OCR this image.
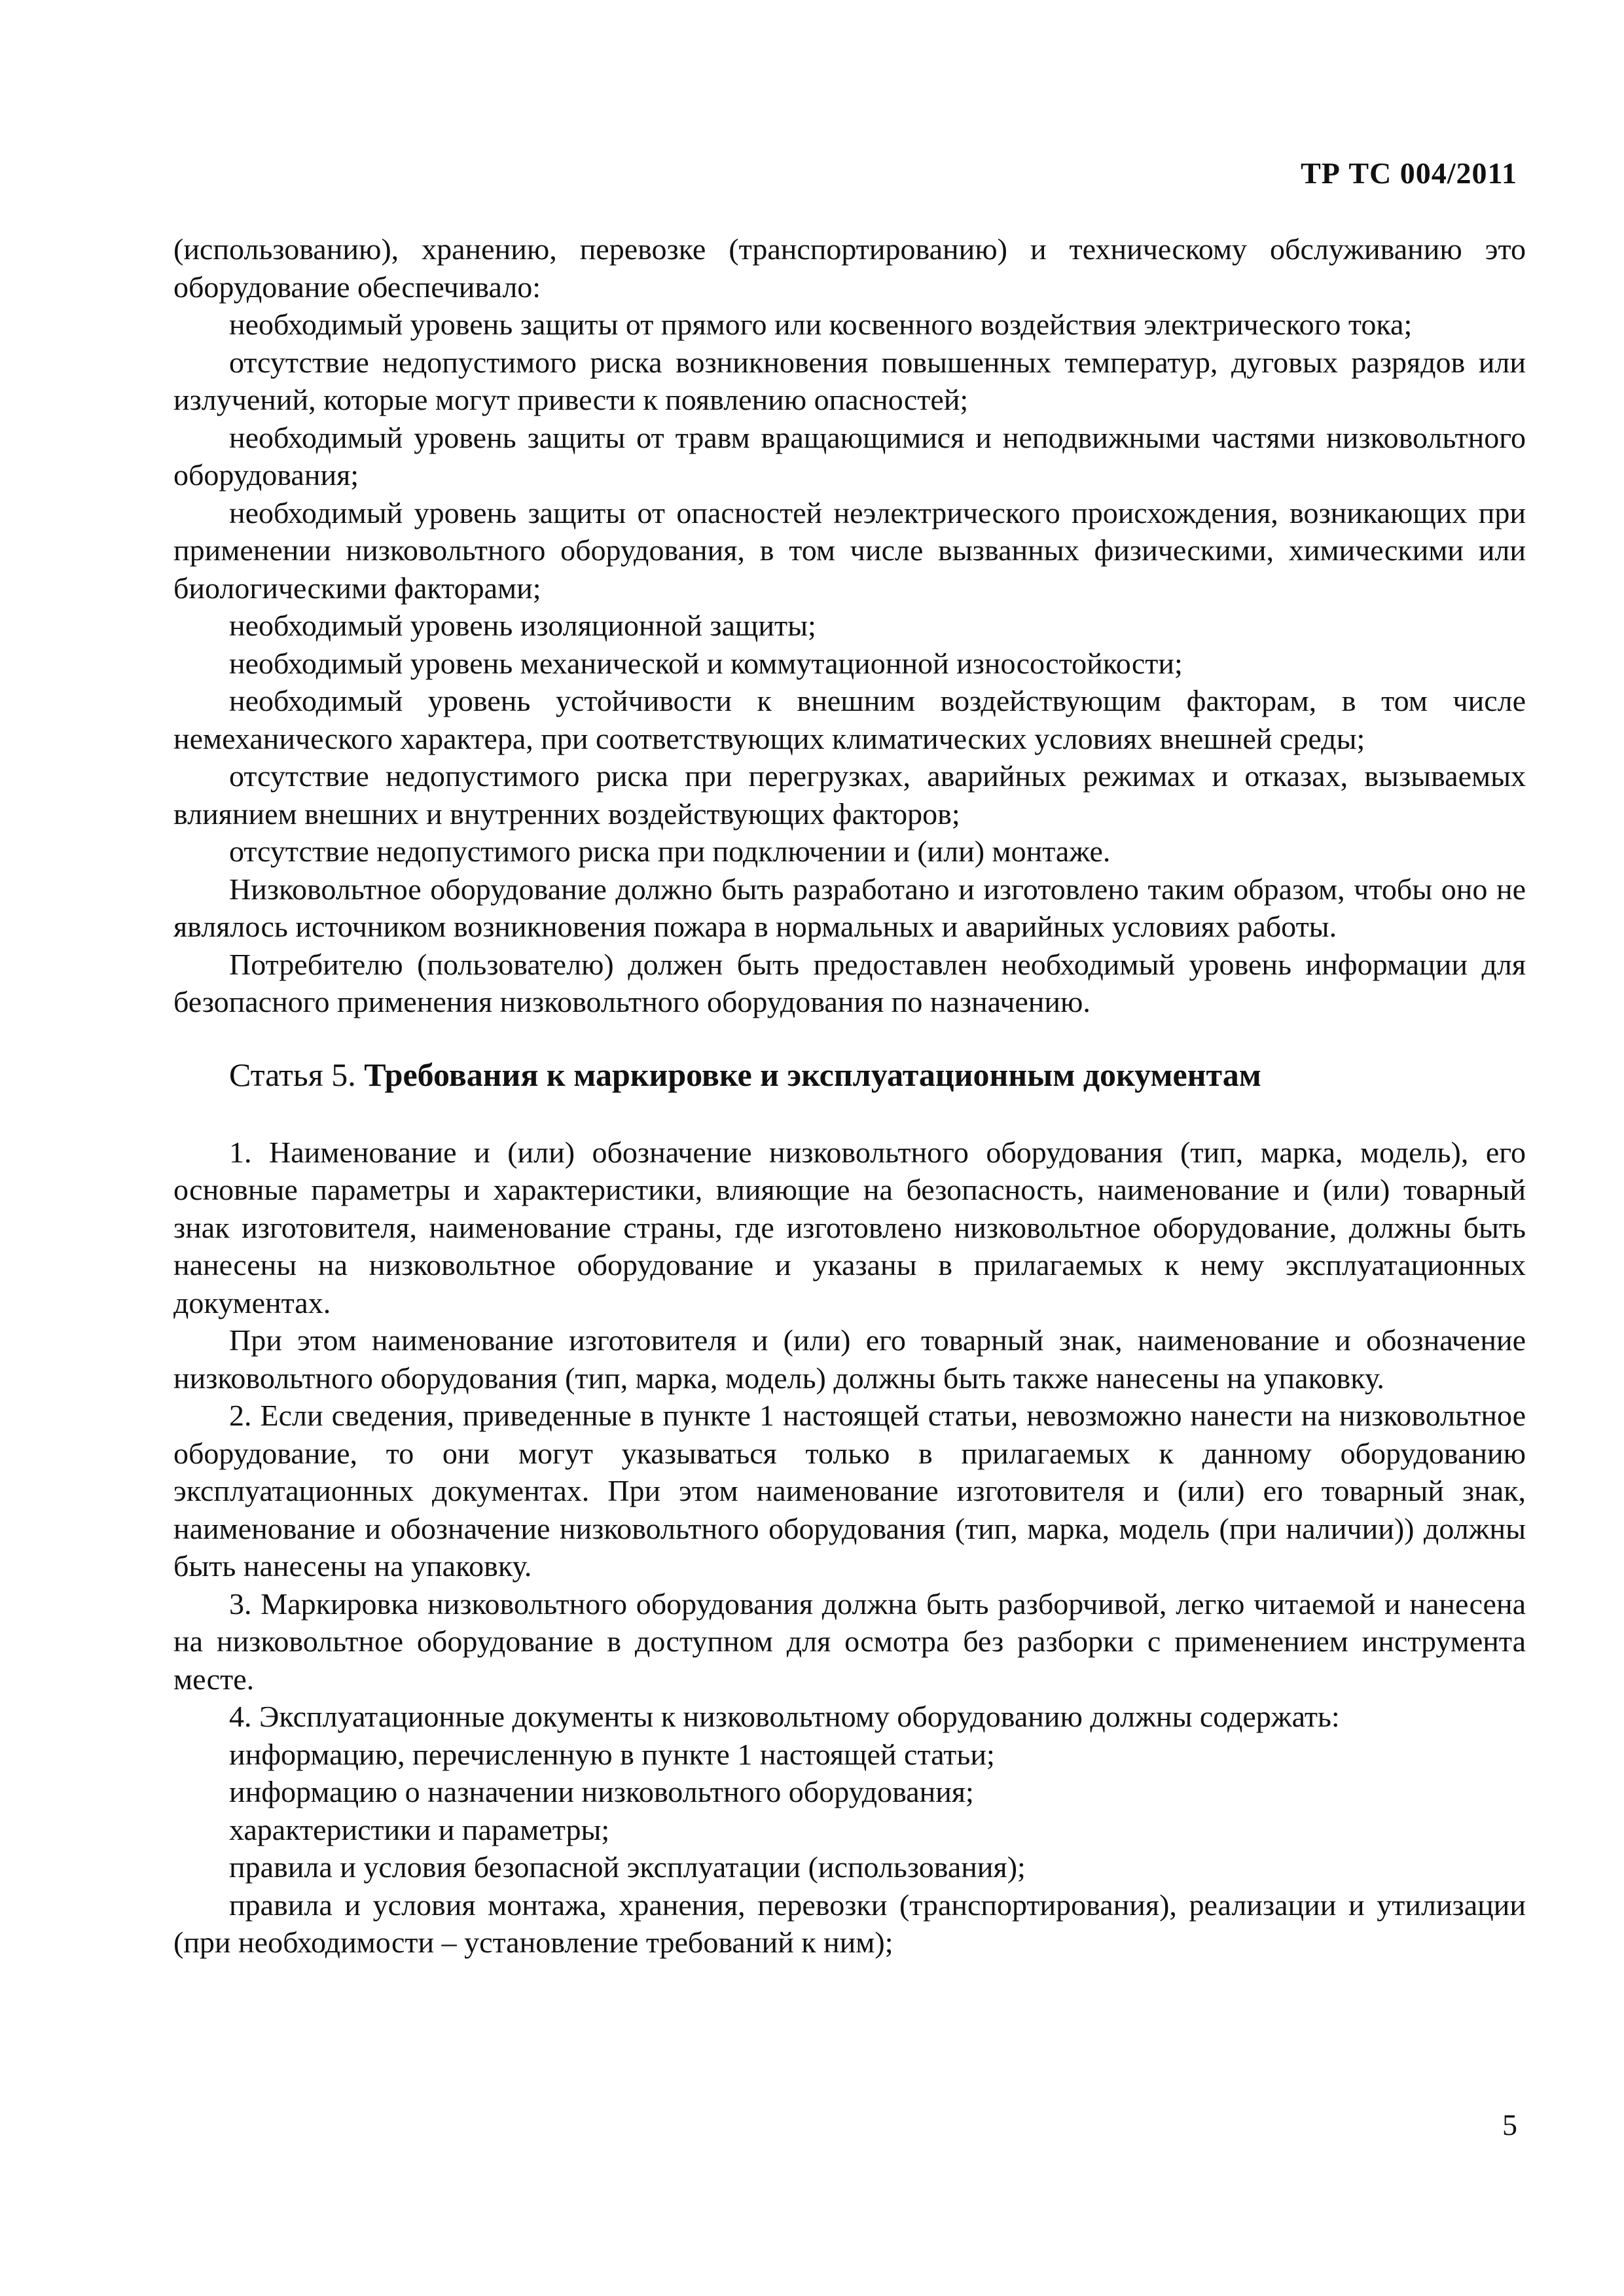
ТР ТС 004/2011

(использованию), хранению, перевозке (транспортированию) и техническому обслуживанию это оборудование обеспечивало:

необходимый уровень защиты от прямого или косвенного воздействия электрического тока;

отсутствие недопустимого риска возникновения повышенных температур, дуговых разрядов или излучений, которые могут привести к появлению опасностей;

необходимый уровень защиты от травм вращающимися и неподвижными частями низковольтного оборудования;

необходимый уровень защиты от опасностей неэлектрического происхождения, возникающих при применении низковольтного оборудования, в том числе вызванных физическими, химическими или биологическими факторами;

необходимый уровень изоляционной защиты;

необходимый уровень механической и коммутационной износостойкости;

необходимый уровень устойчивости к внешним воздействующим факторам, в том числе немеханического характера, при соответствующих климатических условиях внешней среды;

отсутствие недопустимого риска при перегрузках, аварийных режимах и отказах, вызываемых влиянием внешних и внутренних воздействующих факторов;

отсутствие недопустимого риска при подключении и (или) монтаже.

Низковольтное оборудование должно быть разработано и изготовлено таким образом, чтобы оно не являлось источником возникновения пожара в нормальных и аварийных условиях работы.

Потребителю (пользователю) должен быть предоставлен необходимый уровень информации для безопасного применения низковольтного оборудования по назначению.

Статья 5. Требования к маркировке и эксплуатационным документам

1. Наименование и (или) обозначение низковольтного оборудования (тип, марка, модель), его основные параметры и характеристики, влияющие на безопасность, наименование и (или) товарный знак изготовителя, наименование страны, где изготовлено низковольтное оборудование, должны быть нанесены на низковольтное оборудование и указаны в прилагаемых к нему эксплуатационных документах.

При этом наименование изготовителя и (или) его товарный знак, наименование и обозначение низковольтного оборудования (тип, марка, модель) должны быть также нанесены на упаковку.

2. Если сведения, приведенные в пункте 1 настоящей статьи, невозможно нанести на низковольтное оборудование, то они могут указываться только в прилагаемых к данному оборудованию эксплуатационных документах. При этом наименование изготовителя и (или) его товарный знак, наименование и обозначение низковольтного оборудования (тип, марка, модель (при наличии)) должны быть нанесены на упаковку.

3. Маркировка низковольтного оборудования должна быть разборчивой, легко читаемой и нанесена на низковольтное оборудование в доступном для осмотра без разборки с применением инструмента месте.

4. Эксплуатационные документы к низковольтному оборудованию должны содержать:

информацию, перечисленную в пункте 1 настоящей статьи;

информацию о назначении низковольтного оборудования;

характеристики и параметры;

правила и условия безопасной эксплуатации (использования);

правила и условия монтажа, хранения, перевозки (транспортирования), реализации и утилизации (при необходимости – установление требований к ним);

5
